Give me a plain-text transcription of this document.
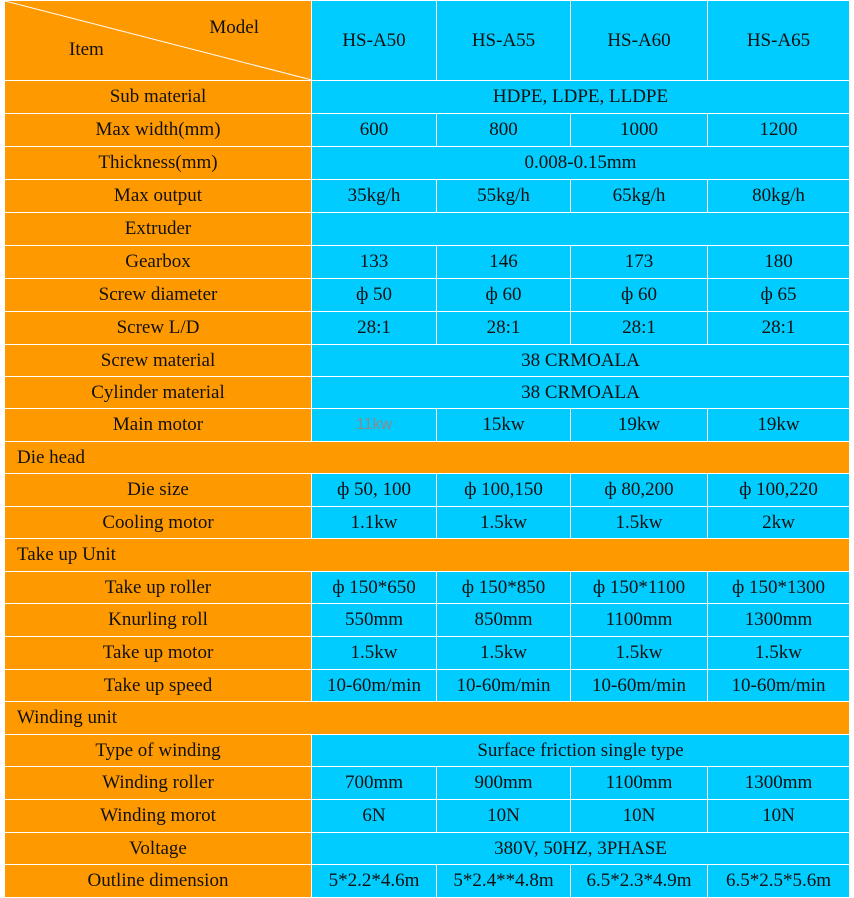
Model
Item	HS-A50	HS-A55	HS-A60	HS-A65
Sub material	HDPE, LDPE, LLDPE			
Max width(mm)	600	800	1000	1200
Thickness(mm)	0.008-0.15mm			
Max output	35kg/h	55kg/h	65kg/h	80kg/h
Extruder				
Gearbox	133	146	173	180
Screw diameter	ф 50	ф 60	ф 60	ф 65
Screw L/D	28:1	28:1	28:1	28:1
Screw material	38 CRMOALA			
Cylinder material	38 CRMOALA			
Main motor	11kw	15kw	19kw	19kw
Die head				
Die size	ф 50, 100	ф 100,150	ф 80,200	ф 100,220
Cooling motor	1.1kw	1.5kw	1.5kw	2kw
Take up Unit				
Take up roller	ф 150*650	ф 150*850	ф 150*1100	ф 150*1300
Knurling roll	550mm	850mm	1100mm	1300mm
Take up motor	1.5kw	1.5kw	1.5kw	1.5kw
Take up speed	10-60m/min	10-60m/min	10-60m/min	10-60m/min
Winding unit				
Type of winding	Surface friction single type			
Winding roller	700mm	900mm	1100mm	1300mm
Winding morot	6N	10N	10N	10N
Voltage	380V, 50HZ, 3PHASE			
Outline dimension	5*2.2*4.6m	5*2.4**4.8m	6.5*2.3*4.9m	6.5*2.5*5.6m
